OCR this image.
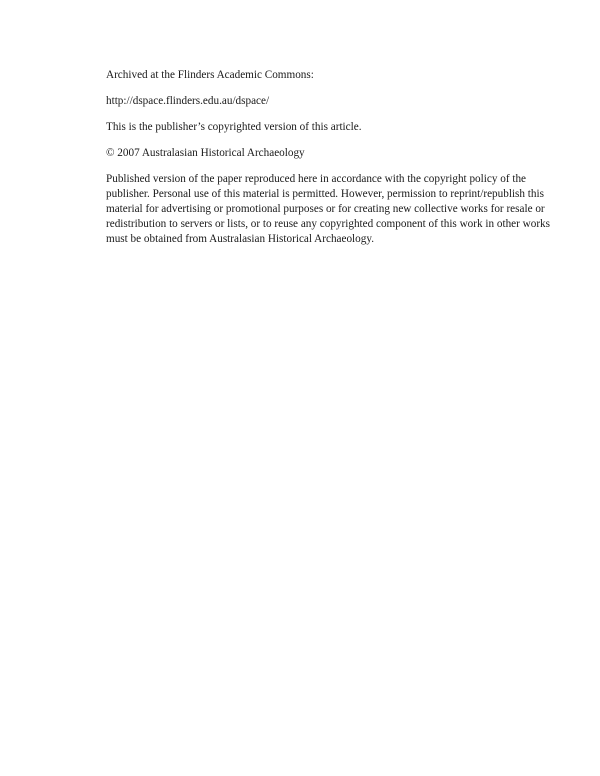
Archived at the Flinders Academic Commons:

http://dspace.flinders.edu.au/dspace/

This is the publisher’s copyrighted version of this article.

© 2007 Australasian Historical Archaeology

Published version of the paper reproduced here in accordance with the copyright policy of the publisher. Personal use of this material is permitted. However, permission to reprint/republish this material for advertising or promotional purposes or for creating new collective works for resale or redistribution to servers or lists, or to reuse any copyrighted component of this work in other works must be obtained from Australasian Historical Archaeology.
